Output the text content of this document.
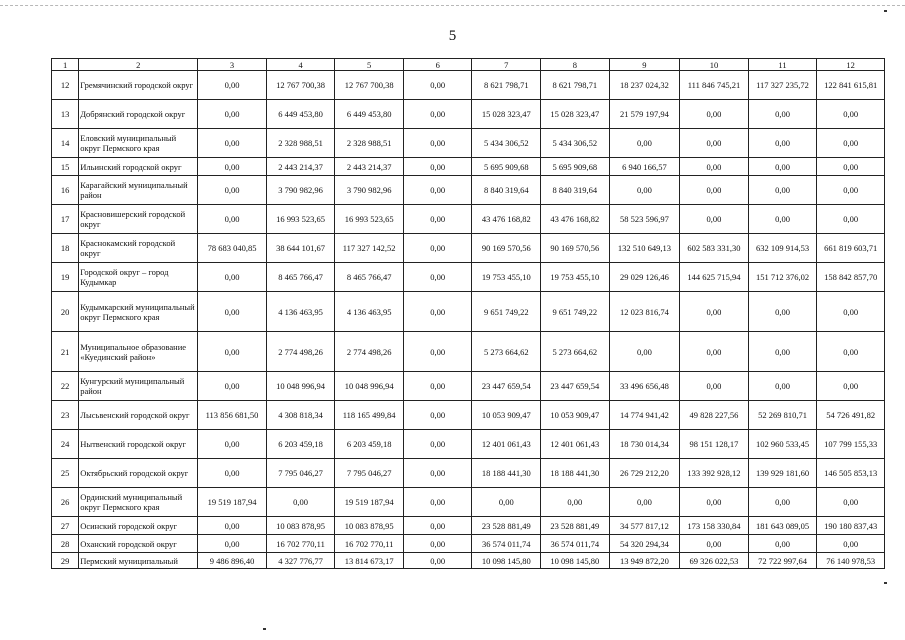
5
1	2	3	4	5	6	7	8	9	10	11	12
12	Гремячинский городской округ	0,00	12 767 700,38	12 767 700,38	0,00	8 621 798,71	8 621 798,71	18 237 024,32	111 846 745,21	117 327 235,72	122 841 615,81
13	Добрянский городской округ	0,00	6 449 453,80	6 449 453,80	0,00	15 028 323,47	15 028 323,47	21 579 197,94	0,00	0,00	0,00
14	Еловский муниципальный округ Пермского края	0,00	2 328 988,51	2 328 988,51	0,00	5 434 306,52	5 434 306,52	0,00	0,00	0,00	0,00
15	Ильинский городской округ	0,00	2 443 214,37	2 443 214,37	0,00	5 695 909,68	5 695 909,68	6 940 166,57	0,00	0,00	0,00
16	Карагайский муниципальный район	0,00	3 790 982,96	3 790 982,96	0,00	8 840 319,64	8 840 319,64	0,00	0,00	0,00	0,00
17	Красновишерский городской округ	0,00	16 993 523,65	16 993 523,65	0,00	43 476 168,82	43 476 168,82	58 523 596,97	0,00	0,00	0,00
18	Краснокамский городской округ	78 683 040,85	38 644 101,67	117 327 142,52	0,00	90 169 570,56	90 169 570,56	132 510 649,13	602 583 331,30	632 109 914,53	661 819 603,71
19	Городской округ – город Кудымкар	0,00	8 465 766,47	8 465 766,47	0,00	19 753 455,10	19 753 455,10	29 029 126,46	144 625 715,94	151 712 376,02	158 842 857,70
20	Кудымкарский муниципальный округ Пермского края	0,00	4 136 463,95	4 136 463,95	0,00	9 651 749,22	9 651 749,22	12 023 816,74	0,00	0,00	0,00
21	Муниципальное образование «Куединский район»	0,00	2 774 498,26	2 774 498,26	0,00	5 273 664,62	5 273 664,62	0,00	0,00	0,00	0,00
22	Кунгурский муниципальный район	0,00	10 048 996,94	10 048 996,94	0,00	23 447 659,54	23 447 659,54	33 496 656,48	0,00	0,00	0,00
23	Лысьвенский городской округ	113 856 681,50	4 308 818,34	118 165 499,84	0,00	10 053 909,47	10 053 909,47	14 774 941,42	49 828 227,56	52 269 810,71	54 726 491,82
24	Нытвенский городской округ	0,00	6 203 459,18	6 203 459,18	0,00	12 401 061,43	12 401 061,43	18 730 014,34	98 151 128,17	102 960 533,45	107 799 155,33
25	Октябрьский городской округ	0,00	7 795 046,27	7 795 046,27	0,00	18 188 441,30	18 188 441,30	26 729 212,20	133 392 928,12	139 929 181,60	146 505 853,13
26	Ординский муниципальный округ Пермского края	19 519 187,94	0,00	19 519 187,94	0,00	0,00	0,00	0,00	0,00	0,00	0,00
27	Осинский городской округ	0,00	10 083 878,95	10 083 878,95	0,00	23 528 881,49	23 528 881,49	34 577 817,12	173 158 330,84	181 643 089,05	190 180 837,43
28	Оханский городской округ	0,00	16 702 770,11	16 702 770,11	0,00	36 574 011,74	36 574 011,74	54 320 294,34	0,00	0,00	0,00
29	Пермский муниципальный	9 486 896,40	4 327 776,77	13 814 673,17	0,00	10 098 145,80	10 098 145,80	13 949 872,20	69 326 022,53	72 722 997,64	76 140 978,53
